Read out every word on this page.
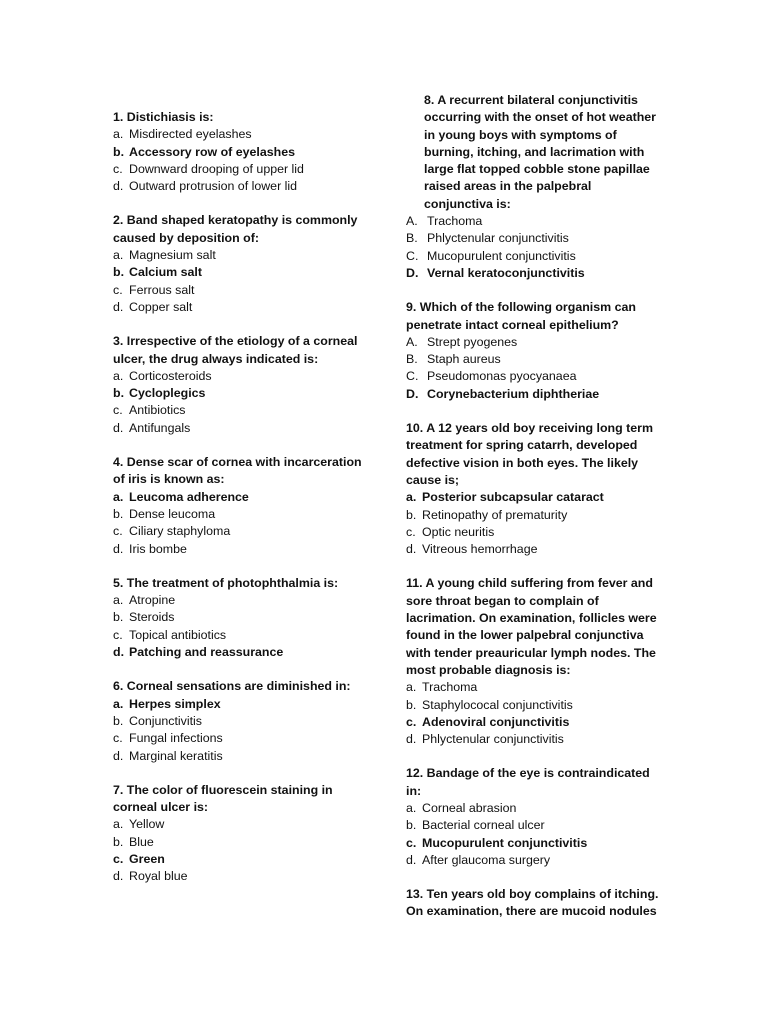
1. Distichiasis is:
a. Misdirected eyelashes
b. Accessory row of eyelashes
c. Downward drooping of upper lid
d. Outward protrusion of lower lid
2. Band shaped keratopathy is commonly
caused by deposition of:
a. Magnesium salt
b. Calcium salt
c. Ferrous salt
d. Copper salt
3. Irrespective of the etiology of a corneal
ulcer, the drug always indicated is:
a. Corticosteroids
b. Cycloplegics
c. Antibiotics
d. Antifungals
4. Dense scar of cornea with incarceration
of iris is known as:
a. Leucoma adherence
b. Dense leucoma
c. Ciliary staphyloma
d. Iris bombe
5. The treatment of photophthalmia is:
a. Atropine
b. Steroids
c. Topical antibiotics
d. Patching and reassurance
6. Corneal sensations are diminished in:
a. Herpes simplex
b. Conjunctivitis
c. Fungal infections
d. Marginal keratitis
7. The color of fluorescein staining in
corneal ulcer is:
a. Yellow
b. Blue
c. Green
d. Royal blue
8. A recurrent bilateral conjunctivitis
occurring with the onset of hot weather
in young boys with symptoms of
burning, itching, and lacrimation with
large flat topped cobble stone papillae
raised areas in the palpebral
conjunctiva is:
A. Trachoma
B. Phlyctenular conjunctivitis
C. Mucopurulent conjunctivitis
D. Vernal keratoconjunctivitis
9. Which of the following organism can
penetrate intact corneal epithelium?
A. Strept pyogenes
B. Staph aureus
C. Pseudomonas pyocyanaea
D. Corynebacterium diphtheriae
10. A 12 years old boy receiving long term
treatment for spring catarrh, developed
defective vision in both eyes. The likely
cause is;
a. Posterior subcapsular cataract
b. Retinopathy of prematurity
c. Optic neuritis
d. Vitreous hemorrhage
11. A young child suffering from fever and
sore throat began to complain of
lacrimation. On examination, follicles were
found in the lower palpebral conjunctiva
with tender preauricular lymph nodes. The
most probable diagnosis is:
a. Trachoma
b. Staphylococal conjunctivitis
c. Adenoviral conjunctivitis
d. Phlyctenular conjunctivitis
12. Bandage of the eye is contraindicated
in:
a. Corneal abrasion
b. Bacterial corneal ulcer
c. Mucopurulent conjunctivitis
d. After glaucoma surgery
13. Ten years old boy complains of itching.
On examination, there are mucoid nodules
